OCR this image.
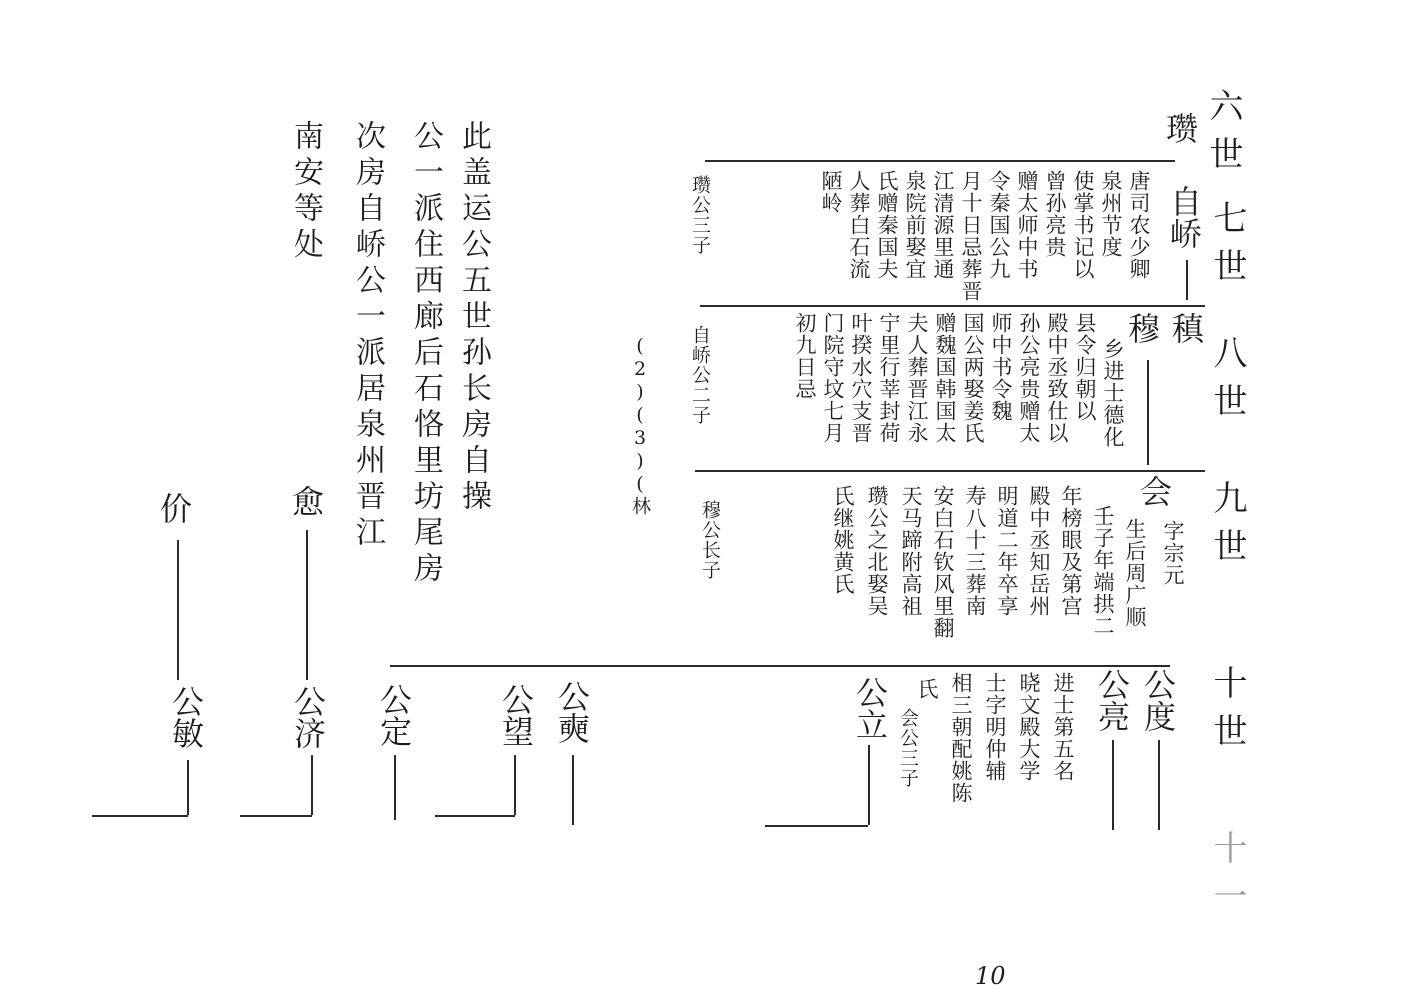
六世
七世
八世
九世
十世
十一
瓒
自峤
唐司农少卿
泉州节度
使掌书记以
曾孙亮贵
赠太师中书
令秦国公九
月十日忌葬晋
江清源里通
泉院前娶宜
氏赠秦国夫
人葬白石流
陋岭
瓒公三子
稹
穆
乡进士德化
县令归朝以
殿中丞致仕以
孙公亮贵赠太
师中书令魏
国公两娶姜氏
赠魏国韩国太
夫人葬晋江永
宁里行莘封荷
叶揆水穴支晋
门院守坟七月
初九日忌
自峤公二子
(2)(3)(林	会
字宗元
生后周广顺
壬子年端拱二
年榜眼及第宫
殿中丞知岳州
明道二年卒享
寿八十三葬南
安白石钦风里翻
天马蹄附高祖
瓒公之北娶吴
氏继姚黄氏
穆公长子
公度
公亮
进士第五名
晓文殿大学
士字明仲辅
相三朝配姚陈
氏
会公三子
公立
公奭
公望
公定
公济
公敏
愈
价	此盖运公五世孙长房自操
公一派住西廊后石恪里坊尾房
次房自峤公一派居泉州晋江
南安等处
10
